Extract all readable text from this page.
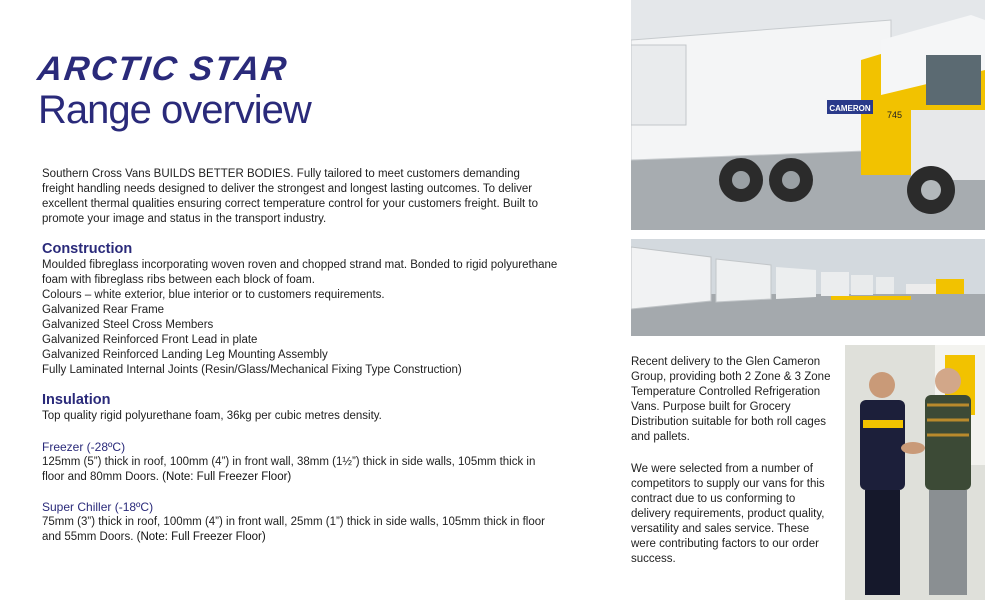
ARCTIC STAR
Range overview

Southern Cross Vans BUILDS BETTER BODIES. Fully tailored to meet customers demanding freight handling needs designed to deliver the strongest and longest lasting outcomes. To deliver excellent thermal qualities ensuring correct temperature control for your customers freight. Built to promote your image and status in the transport industry.

Construction
Moulded fibreglass incorporating woven roven and chopped strand mat. Bonded to rigid polyurethane foam with fibreglass ribs between each block of foam.
Colours – white exterior, blue interior or to customers requirements.
Galvanized Rear Frame
Galvanized Steel Cross Members
Galvanized Reinforced Front Lead in plate
Galvanized Reinforced Landing Leg Mounting Assembly
Fully Laminated Internal Joints (Resin/Glass/Mechanical Fixing Type Construction)
Insulation

Top quality rigid polyurethane foam, 36kg per cubic metres density.

Freezer (-28ºC)

125mm (5”) thick in roof, 100mm (4”) in front wall, 38mm (1½”) thick in side walls, 105mm thick in floor and 80mm Doors. (Note: Full Freezer Floor)

Super Chiller (-18ºC)

75mm (3”) thick in roof, 100mm (4”) in front wall, 25mm (1”) thick in side walls, 105mm thick in floor and 55mm Doors. (Note: Full Freezer Floor)

CAMERON
745

Recent delivery to the Glen Cameron Group, providing both 2 Zone & 3 Zone Temperature Controlled Refrigeration Vans. Purpose built for Grocery Distribution suitable for both roll cages and pallets.

We were selected from a number of competitors to supply our vans for this contract due to us conforming to delivery requirements, product quality, versatility and sales service. These were contributing factors to our order success.
